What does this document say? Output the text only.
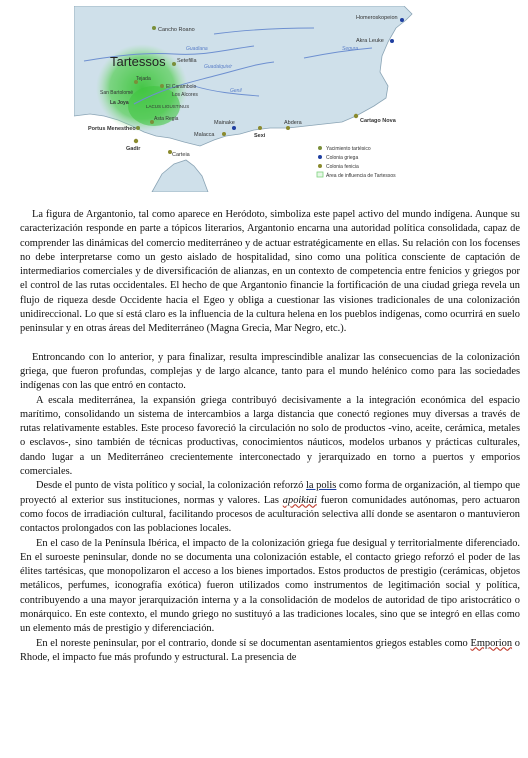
Tartessos
Homeroskopeion
Akra Leuke
Cancho Roano
Setefilla
Tejada
San Bartolomé
El Carambolo
Los Alcores
La Joya
LACUS LIGUSTINUS
Asta Regia
Portus Menestheo
Gadir
Carteia
Mainake
Malacca	Sexi
Abdera	Cartago Nova
Guadiana
Guadalquivir
Genil
Segura
Yacimiento tartésico
Colonia griega
Colonia fenicia
Área de influencia de Tartessos

La figura de Argantonio, tal como aparece en Heródoto, simboliza este papel activo del mundo indígena. Aunque su caracterización responde en parte a tópicos literarios, Argantonio encarna una autoridad política consolidada, capaz de comprender las dinámicas del comercio mediterráneo y de actuar estratégicamente en ellas. Su relación con los focenses no debe interpretarse como un gesto aislado de hospitalidad, sino como una política consciente de captación de intermediarios comerciales y de diversificación de alianzas, en un contexto de competencia entre fenicios y griegos por el control de las rutas occidentales. El hecho de que Argantonio financie la fortificación de una ciudad griega revela un flujo de riqueza desde Occidente hacia el Egeo y obliga a cuestionar las visiones tradicionales de una colonización unidireccional. Lo que sí está claro es la influencia de la cultura helena en los pueblos indígenas, como ocurrirá en suelo peninsular y en otras áreas del Mediterráneo (Magna Grecia, Mar Negro, etc.).

Entroncando con lo anterior, y para finalizar, resulta imprescindible analizar las consecuencias de la colonización griega, que fueron profundas, complejas y de largo alcance, tanto para el mundo helénico como para las sociedades indígenas con las que entró en contacto.

A escala mediterránea, la expansión griega contribuyó decisivamente a la integración económica del espacio marítimo, consolidando un sistema de intercambios a larga distancia que conectó regiones muy diversas a través de rutas relativamente estables. Este proceso favoreció la circulación no solo de productos -vino, aceite, cerámica, metales o esclavos-, sino también de técnicas productivas, conocimientos náuticos, modelos urbanos y prácticas culturales, dando lugar a un Mediterráneo crecientemente interconectado y jerarquizado en torno a puertos y emporios comerciales.

Desde el punto de vista político y social, la colonización reforzó la polis como forma de organización, al tiempo que proyectó al exterior sus instituciones, normas y valores. Las apoikiai fueron comunidades autónomas, pero actuaron como focos de irradiación cultural, facilitando procesos de aculturación selectiva allí donde se asentaron o mantuvieron contactos prolongados con las poblaciones locales.

En el caso de la Península Ibérica, el impacto de la colonización griega fue desigual y territorialmente diferenciado. En el suroeste peninsular, donde no se documenta una colonización estable, el contacto griego reforzó el poder de las élites tartésicas, que monopolizaron el acceso a los bienes importados. Estos productos de prestigio (cerámicas, objetos metálicos, perfumes, iconografía exótica) fueron utilizados como instrumentos de legitimación social y política, contribuyendo a una mayor jerarquización interna y a la consolidación de modelos de autoridad de tipo aristocrático o monárquico. En este contexto, el mundo griego no sustituyó a las tradiciones locales, sino que se integró en ellas como un elemento más de prestigio y diferenciación.

En el noreste peninsular, por el contrario, donde sí se documentan asentamientos griegos estables como Emporion o Rhode, el impacto fue más profundo y estructural. La presencia de
